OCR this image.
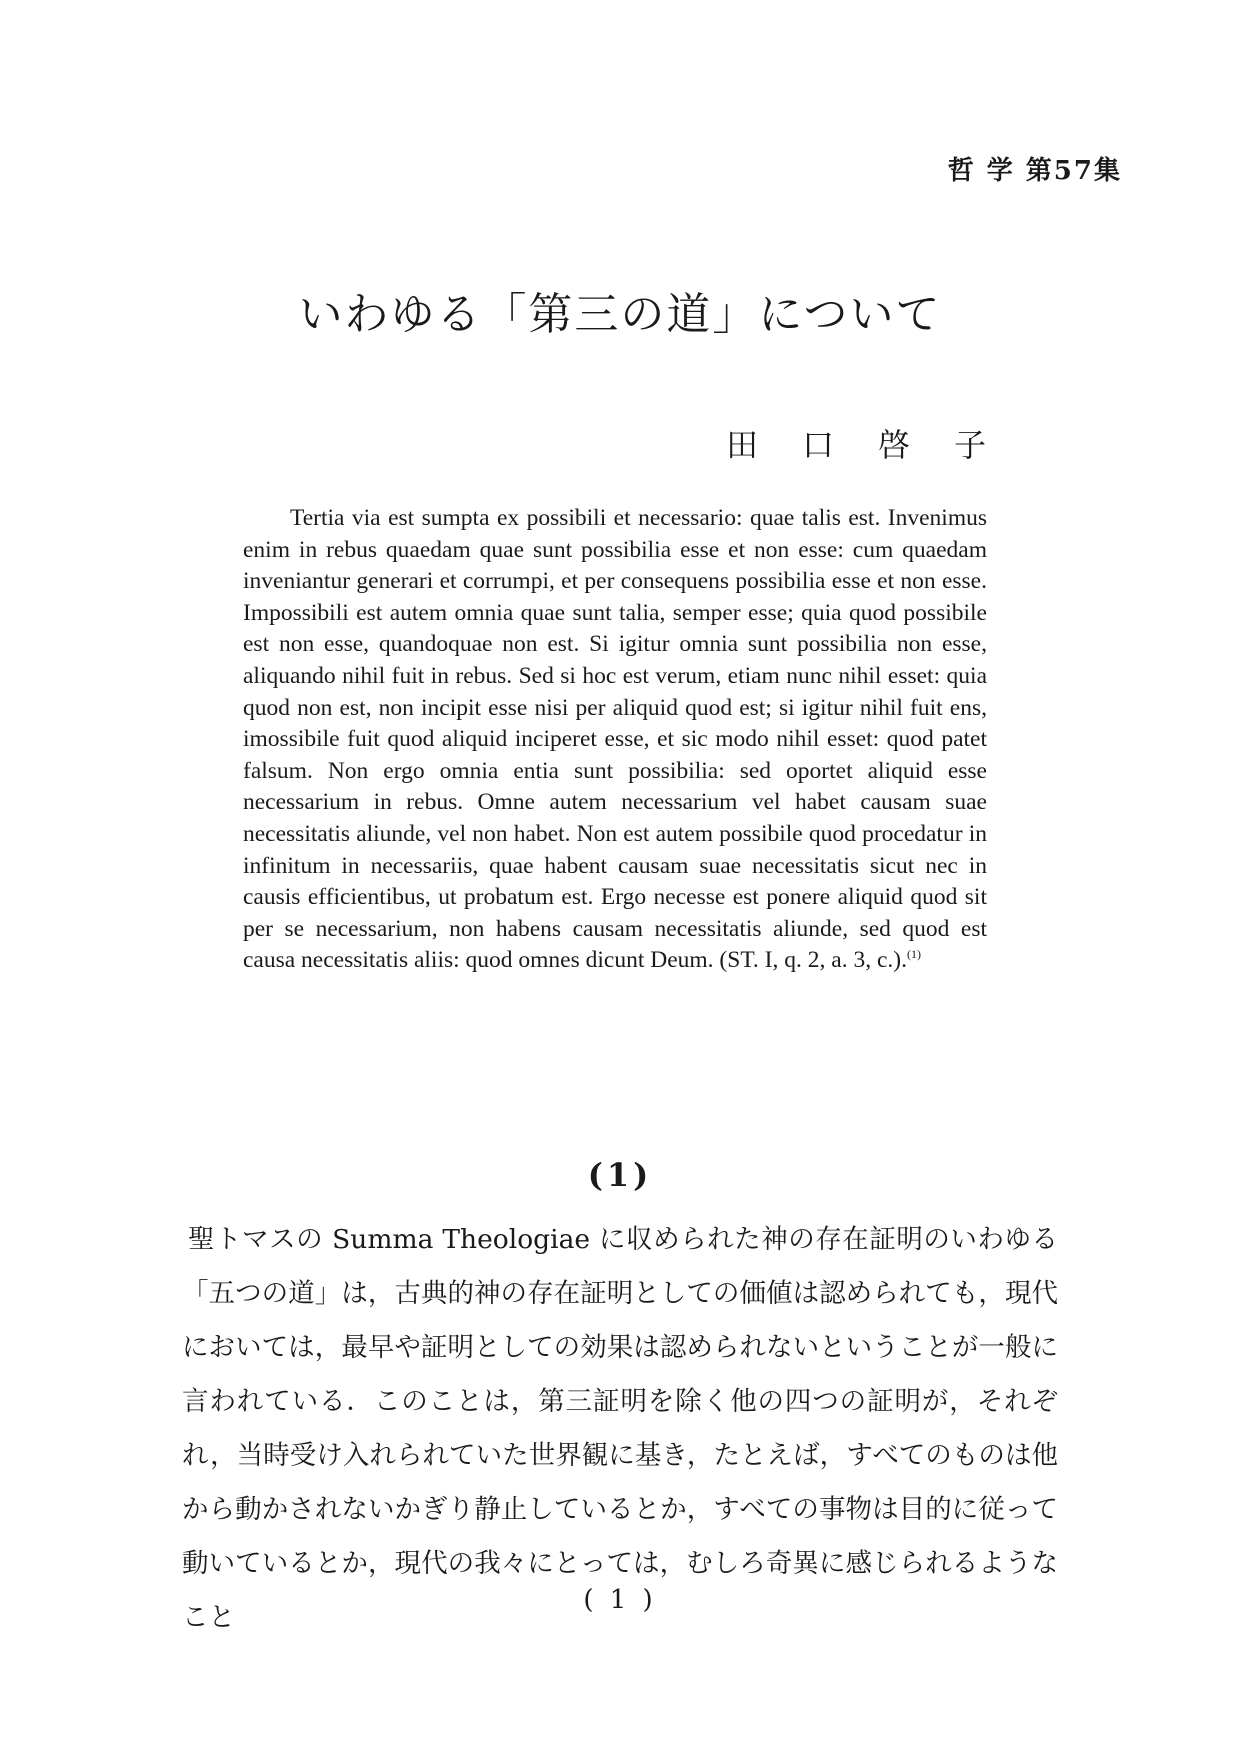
哲 学 第57集
いわゆる「第三の道」について
田口啓子

Tertia via est sumpta ex possibili et necessario: quae talis est. Invenimus enim in rebus quaedam quae sunt possibilia esse et non esse: cum quaedam inveniantur generari et corrumpi, et per consequens possibilia esse et non esse. Impossibili est autem omnia quae sunt talia, semper esse; quia quod possibile est non esse, quandoquae non est. Si igitur omnia sunt possibilia non esse, aliquando nihil fuit in rebus. Sed si hoc est verum, etiam nunc nihil esset: quia quod non est, non incipit esse nisi per aliquid quod est; si igitur nihil fuit ens, imossibile fuit quod aliquid inciperet esse, et sic modo nihil esset: quod patet falsum. Non ergo omnia entia sunt possibilia: sed oportet aliquid esse necessarium in rebus. Omne autem necessarium vel habet causam suae necessitatis aliunde, vel non habet. Non est autem possibile quod procedatur in infinitum in necessariis, quae habent causam suae necessitatis sicut nec in causis efficientibus, ut probatum est. Ergo necesse est ponere aliquid quod sit per se necessarium, non habens causam necessitatis aliunde, sed quod est causa necessitatis aliis: quod omnes dicunt Deum. (ST. I, q. 2, a. 3, c.).$^{(1)}$

(1)

聖トマスの Summa Theologiae に収められた神の存在証明のいわゆる「五つの道」は，古典的神の存在証明としての価値は認められても，現代においては，最早や証明としての効果は認められないということが一般に言われている．このことは，第三証明を除く他の四つの証明が，それぞれ，当時受け入れられていた世界観に基き，たとえば，すべてのものは他から動かされないかぎり静止しているとか，すべての事物は目的に従って動いているとか，現代の我々にとっては，むしろ奇異に感じられるようなこと

( 1 )
